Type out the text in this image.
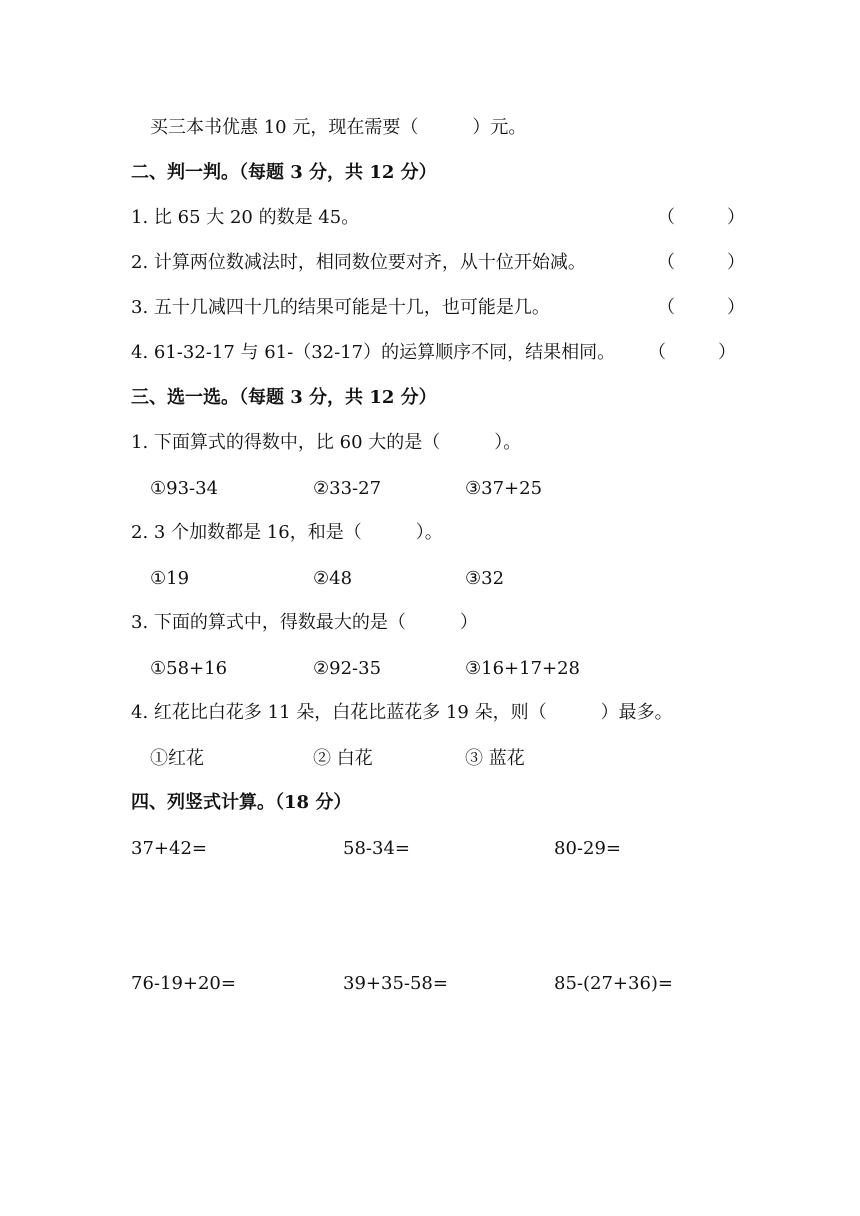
买三本书优惠 10 元，现在需要（　　　）元。
二、判一判。（每题 3 分，共 12 分）
1. 比 65 大 20 的数是 45。	（	）
2. 计算两位数减法时，相同数位要对齐，从十位开始减。	（	）
3. 五十几减四十几的结果可能是十几，也可能是几。	（	）
4. 61-32-17 与 61-（32-17）的运算顺序不同，结果相同。 （	）
三、选一选。（每题 3 分，共 12 分）
1. 下面算式的得数中，比 60 大的是（　　　）。
①93-34	②33-27	③37+25
2. 3 个加数都是 16，和是（　　　）。
①19	②48	③32
3. 下面的算式中，得数最大的是（　　　）
①58+16	②92-35	③16+17+28
4. 红花比白花多 11 朵，白花比蓝花多 19 朵，则（　　　）最多。
①红花	② 白花	③ 蓝花
四、列竖式计算。（18 分）
37+42=	58-34=	80-29=
76-19+20=	39+35-58=	85-(27+36)=
